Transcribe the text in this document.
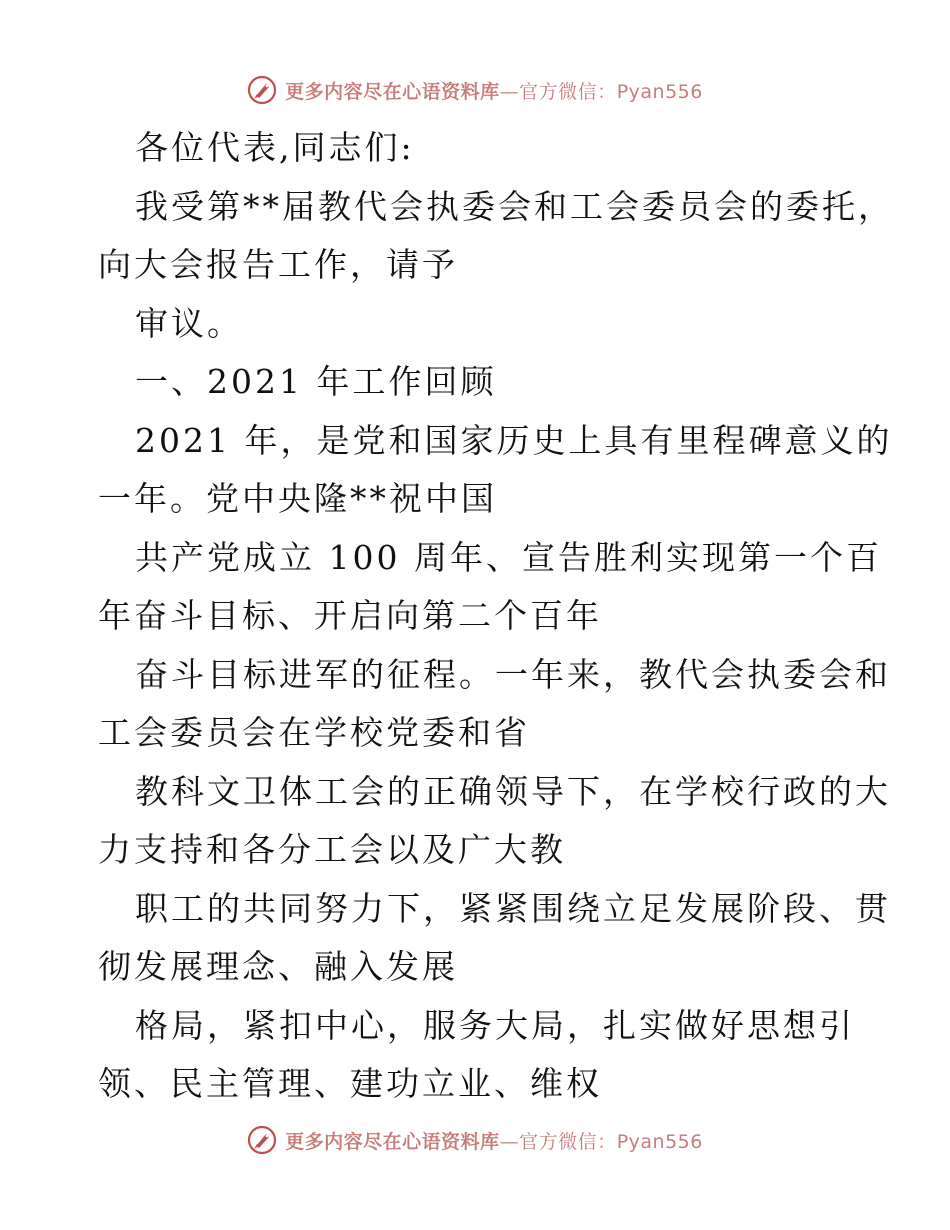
更多内容尽在心语资料库—官方微信：Pyan556
各位代表,同志们:
我受第**届教代会执委会和工会委员会的委托，
向大会报告工作，请予
审议。
一、2021 年工作回顾
2021 年，是党和国家历史上具有里程碑意义的
一年。党中央隆**祝中国
共产党成立 100 周年、宣告胜利实现第一个百
年奋斗目标、开启向第二个百年
奋斗目标进军的征程。一年来，教代会执委会和
工会委员会在学校党委和省
教科文卫体工会的正确领导下，在学校行政的大
力支持和各分工会以及广大教
职工的共同努力下，紧紧围绕立足发展阶段、贯
彻发展理念、融入发展
格局，紧扣中心，服务大局，扎实做好思想引
领、民主管理、建功立业、维权
更多内容尽在心语资料库—官方微信：Pyan556
